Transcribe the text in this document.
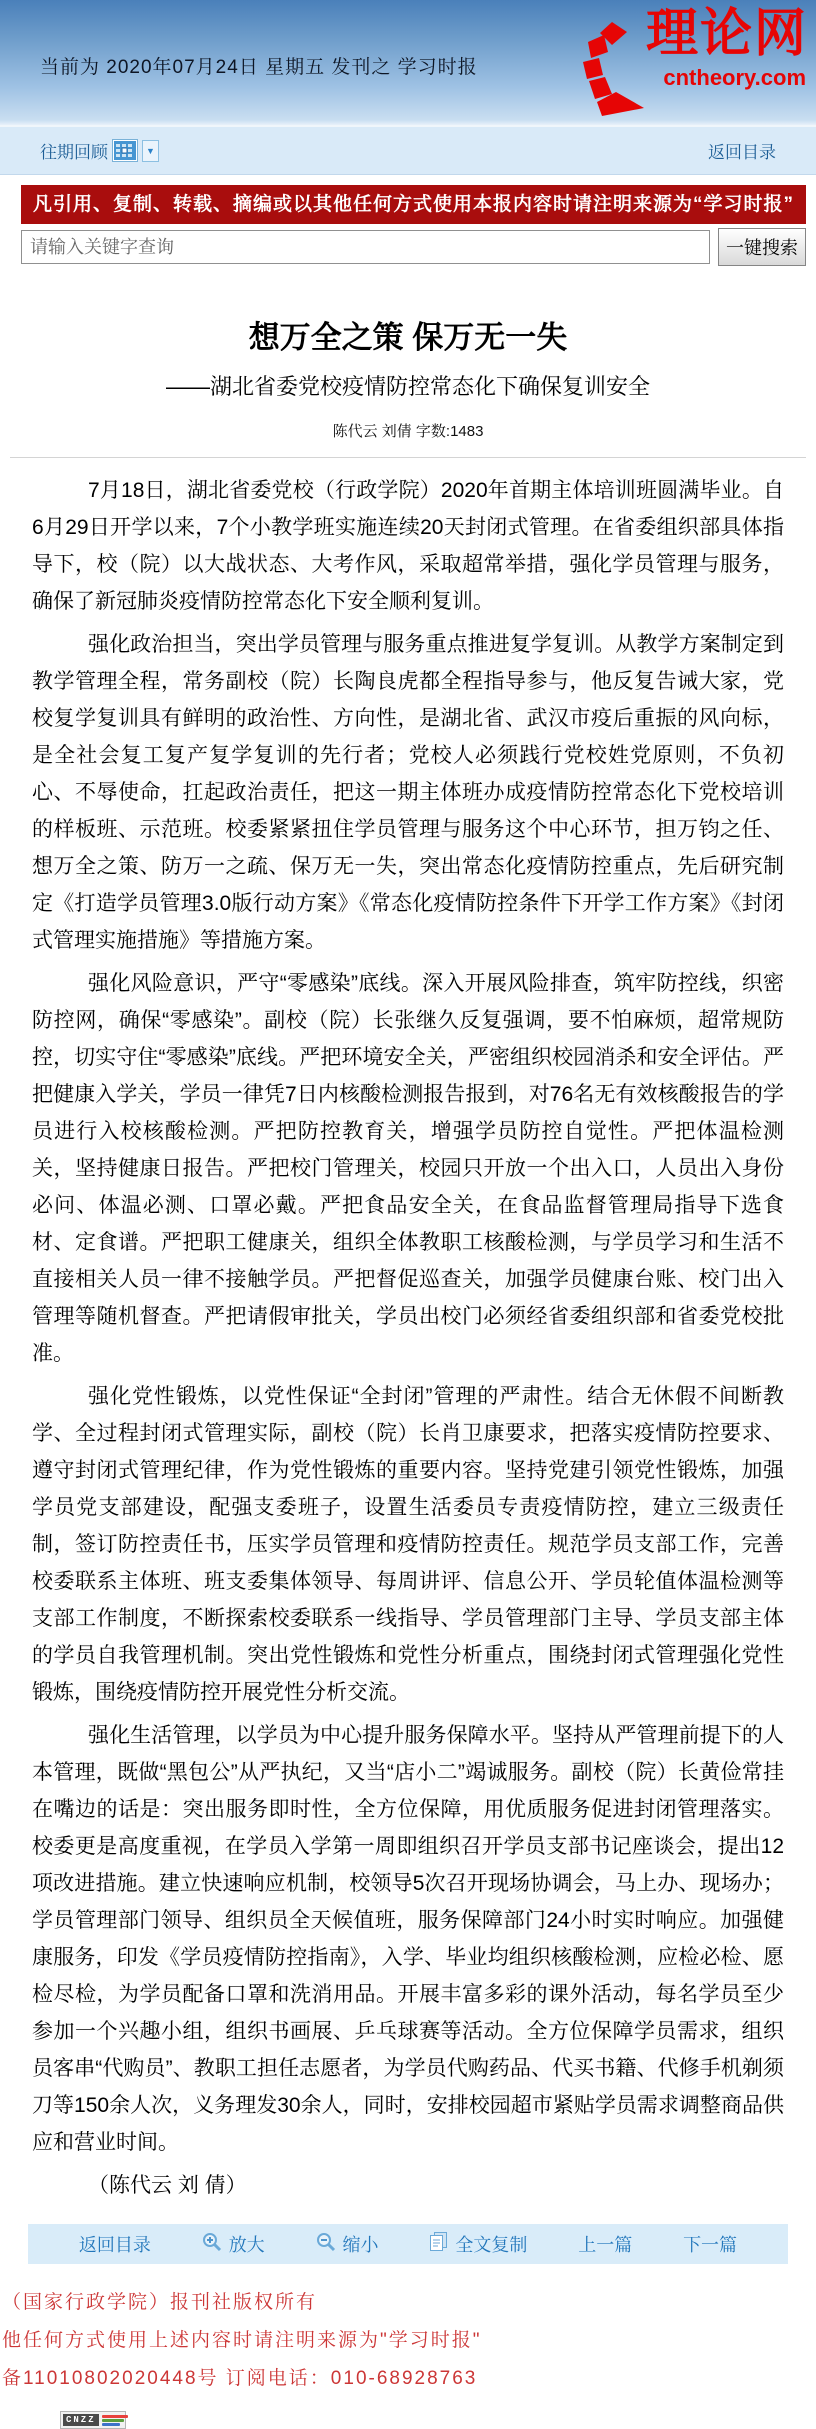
当前为 2020年07月24日 星期五 发刊之 学习时报
理论网
cntheory.com
往期回顾	▼	返回目录
凡引用、复制、转载、摘编或以其他任何方式使用本报内容时请注明来源为“学习时报”
请输入关键字查询
一键搜索
想万全之策 保万无一失
——湖北省委党校疫情防控常态化下确保复训安全
陈代云 刘倩 字数:1483

7月18日，湖北省委党校（行政学院）2020年首期主体培训班圆满毕业。自6月29日开学以来，7个小教学班实施连续20天封闭式管理。在省委组织部具体指导下，校（院）以大战状态、大考作风，采取超常举措，强化学员管理与服务，确保了新冠肺炎疫情防控常态化下安全顺利复训。

强化政治担当，突出学员管理与服务重点推进复学复训。从教学方案制定到教学管理全程，常务副校（院）长陶良虎都全程指导参与，他反复告诫大家，党校复学复训具有鲜明的政治性、方向性，是湖北省、武汉市疫后重振的风向标，是全社会复工复产复学复训的先行者；党校人必须践行党校姓党原则，不负初心、不辱使命，扛起政治责任，把这一期主体班办成疫情防控常态化下党校培训的样板班、示范班。校委紧紧扭住学员管理与服务这个中心环节，担万钧之任、想万全之策、防万一之疏、保万无一失，突出常态化疫情防控重点，先后研究制定《打造学员管理3.0版行动方案》《常态化疫情防控条件下开学工作方案》《封闭式管理实施措施》等措施方案。

强化风险意识，严守“零感染”底线。深入开展风险排查，筑牢防控线，织密防控网，确保“零感染”。副校（院）长张继久反复强调，要不怕麻烦，超常规防控，切实守住“零感染”底线。严把环境安全关，严密组织校园消杀和安全评估。严把健康入学关，学员一律凭7日内核酸检测报告报到，对76名无有效核酸报告的学员进行入校核酸检测。严把防控教育关，增强学员防控自觉性。严把体温检测关，坚持健康日报告。严把校门管理关，校园只开放一个出入口，人员出入身份必问、体温必测、口罩必戴。严把食品安全关，在食品监督管理局指导下选食材、定食谱。严把职工健康关，组织全体教职工核酸检测，与学员学习和生活不直接相关人员一律不接触学员。严把督促巡查关，加强学员健康台账、校门出入管理等随机督查。严把请假审批关，学员出校门必须经省委组织部和省委党校批准。

强化党性锻炼，以党性保证“全封闭”管理的严肃性。结合无休假不间断教学、全过程封闭式管理实际，副校（院）长肖卫康要求，把落实疫情防控要求、遵守封闭式管理纪律，作为党性锻炼的重要内容。坚持党建引领党性锻炼，加强学员党支部建设，配强支委班子，设置生活委员专责疫情防控，建立三级责任制，签订防控责任书，压实学员管理和疫情防控责任。规范学员支部工作，完善校委联系主体班、班支委集体领导、每周讲评、信息公开、学员轮值体温检测等支部工作制度，不断探索校委联系一线指导、学员管理部门主导、学员支部主体的学员自我管理机制。突出党性锻炼和党性分析重点，围绕封闭式管理强化党性锻炼，围绕疫情防控开展党性分析交流。

强化生活管理，以学员为中心提升服务保障水平。坚持从严管理前提下的人本管理，既做“黑包公”从严执纪，又当“店小二”竭诚服务。副校（院）长黄俭常挂在嘴边的话是：突出服务即时性，全方位保障，用优质服务促进封闭管理落实。校委更是高度重视，在学员入学第一周即组织召开学员支部书记座谈会，提出12项改进措施。建立快速响应机制，校领导5次召开现场协调会，马上办、现场办；学员管理部门领导、组织员全天候值班，服务保障部门24小时实时响应。加强健康服务，印发《学员疫情防控指南》，入学、毕业均组织核酸检测，应检必检、愿检尽检，为学员配备口罩和洗消用品。开展丰富多彩的课外活动，每名学员至少参加一个兴趣小组，组织书画展、乒乓球赛等活动。全方位保障学员需求，组织员客串“代购员”、教职工担任志愿者，为学员代购药品、代买书籍、代修手机剃须刀等150余人次，义务理发30余人，同时，安排校园超市紧贴学员需求调整商品供应和营业时间。

（陈代云 刘 倩）

返回目录	放大	缩小	全文复制	上一篇	下一篇
（国家行政学院）报刊社版权所有
他任何方式使用上述内容时请注明来源为"学习时报"
备11010802020448号 订阅电话：010-68928763
CNZZ
